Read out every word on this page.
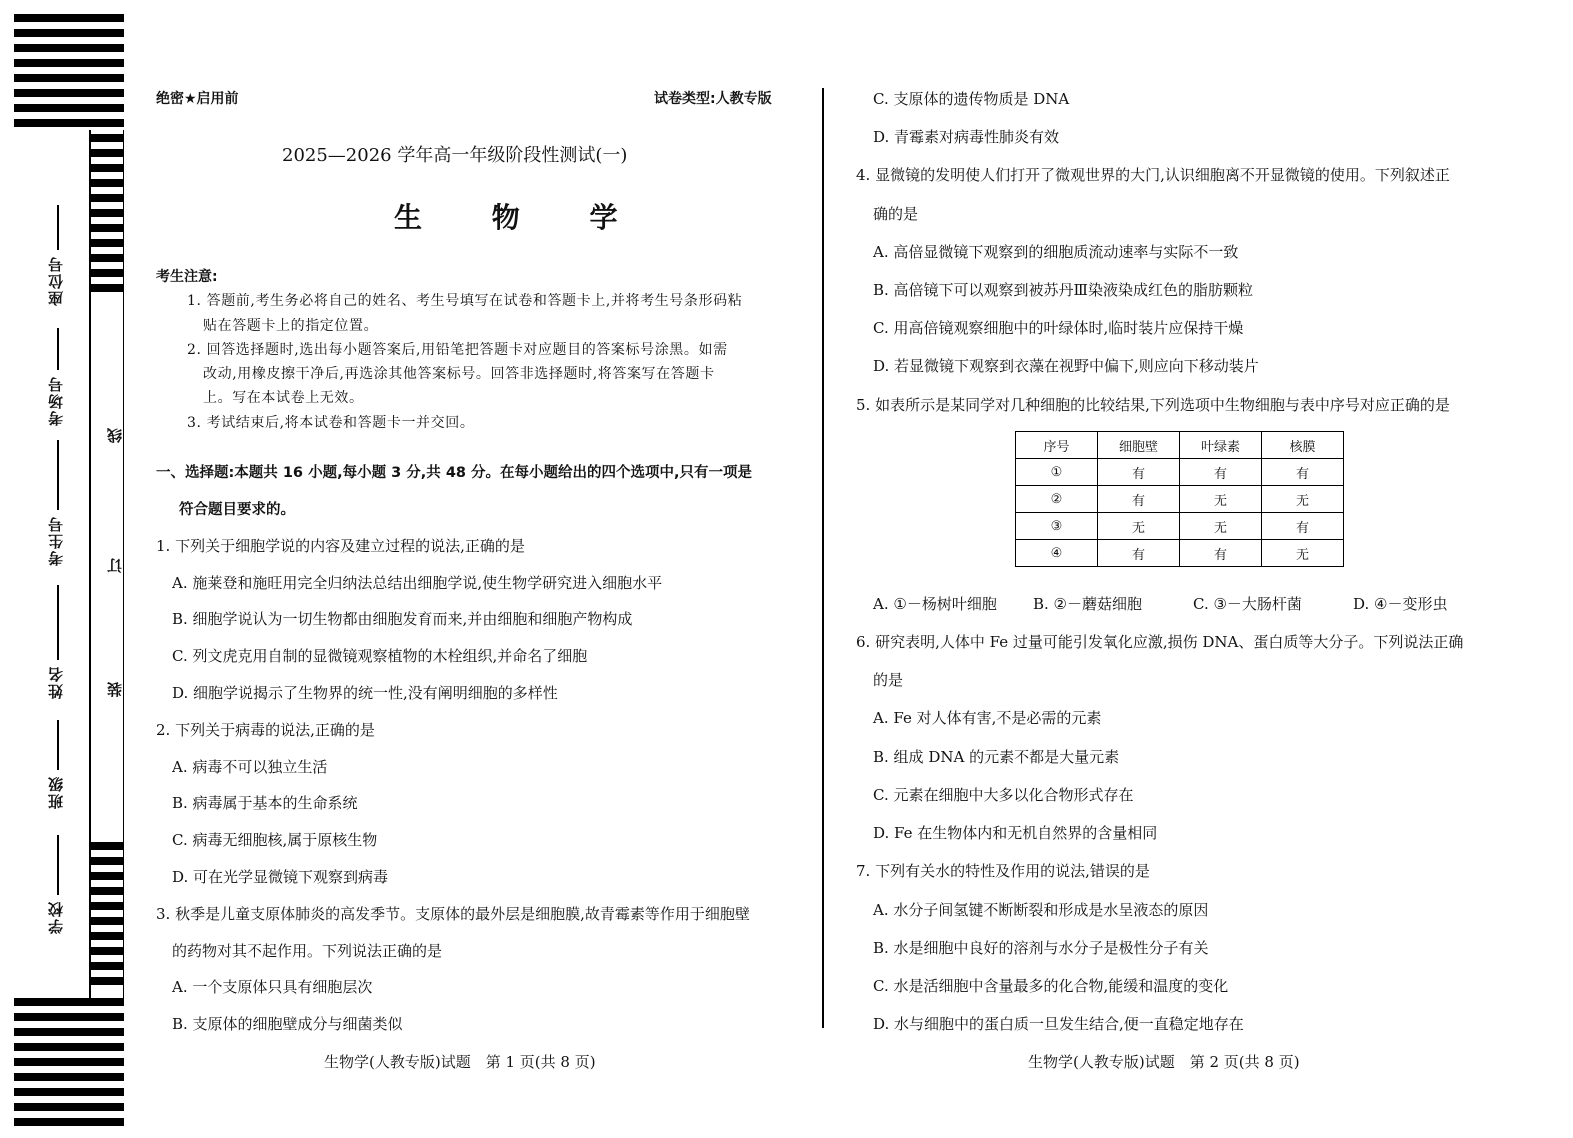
座位号
考场号
考生号
姓名
班级
学校
线
订
装
绝密★启用前	试卷类型:人教专版
2025—2026 学年高一年级阶段性测试(一)
生 物 学
考生注意:
1. 答题前,考生务必将自己的姓名、考生号填写在试卷和答题卡上,并将考生号条形码粘
贴在答题卡上的指定位置。
2. 回答选择题时,选出每小题答案后,用铅笔把答题卡对应题目的答案标号涂黑。如需
改动,用橡皮擦干净后,再选涂其他答案标号。回答非选择题时,将答案写在答题卡
上。写在本试卷上无效。
3. 考试结束后,将本试卷和答题卡一并交回。
一、选择题:本题共 16 小题,每小题 3 分,共 48 分。在每小题给出的四个选项中,只有一项是
符合题目要求的。
1. 下列关于细胞学说的内容及建立过程的说法,正确的是
A. 施莱登和施旺用完全归纳法总结出细胞学说,使生物学研究进入细胞水平
B. 细胞学说认为一切生物都由细胞发育而来,并由细胞和细胞产物构成
C. 列文虎克用自制的显微镜观察植物的木栓组织,并命名了细胞
D. 细胞学说揭示了生物界的统一性,没有阐明细胞的多样性
2. 下列关于病毒的说法,正确的是
A. 病毒不可以独立生活
B. 病毒属于基本的生命系统
C. 病毒无细胞核,属于原核生物
D. 可在光学显微镜下观察到病毒
3. 秋季是儿童支原体肺炎的高发季节。支原体的最外层是细胞膜,故青霉素等作用于细胞壁
的药物对其不起作用。下列说法正确的是
A. 一个支原体只具有细胞层次
B. 支原体的细胞壁成分与细菌类似
生物学(人教专版)试题　第 1 页(共 8 页)
C. 支原体的遗传物质是 DNA
D. 青霉素对病毒性肺炎有效
4. 显微镜的发明使人们打开了微观世界的大门,认识细胞离不开显微镜的使用。下列叙述正
确的是
A. 高倍显微镜下观察到的细胞质流动速率与实际不一致
B. 高倍镜下可以观察到被苏丹Ⅲ染液染成红色的脂肪颗粒
C. 用高倍镜观察细胞中的叶绿体时,临时装片应保持干燥
D. 若显微镜下观察到衣藻在视野中偏下,则应向下移动装片
5. 如表所示是某同学对几种细胞的比较结果,下列选项中生物细胞与表中序号对应正确的是
序号	细胞壁	叶绿素	核膜
①	有	有	有
②	有	无	无
③	无	无	有
④	有	有	无
A. ①－杨树叶细胞 B. ②－蘑菇细胞	C. ③－大肠杆菌	D. ④－变形虫
6. 研究表明,人体中 Fe 过量可能引发氧化应激,损伤 DNA、蛋白质等大分子。下列说法正确
的是
A. Fe 对人体有害,不是必需的元素
B. 组成 DNA 的元素不都是大量元素
C. 元素在细胞中大多以化合物形式存在
D. Fe 在生物体内和无机自然界的含量相同
7. 下列有关水的特性及作用的说法,错误的是
A. 水分子间氢键不断断裂和形成是水呈液态的原因
B. 水是细胞中良好的溶剂与水分子是极性分子有关
C. 水是活细胞中含量最多的化合物,能缓和温度的变化
D. 水与细胞中的蛋白质一旦发生结合,便一直稳定地存在
生物学(人教专版)试题　第 2 页(共 8 页)
